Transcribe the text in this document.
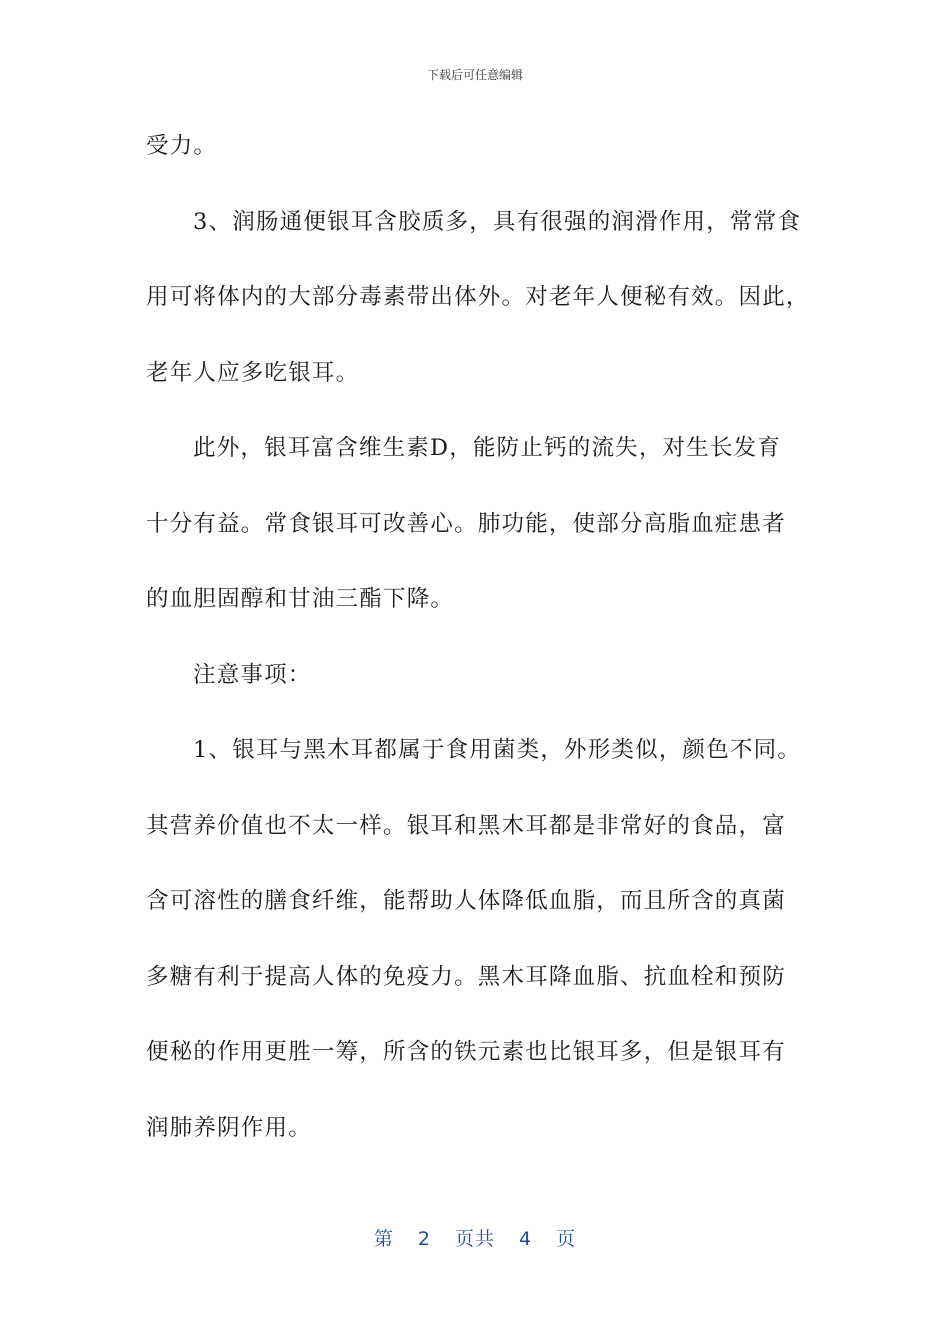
下载后可任意编辑
受力。
3、润肠通便银耳含胶质多，具有很强的润滑作用，常常食
用可将体内的大部分毒素带出体外。对老年人便秘有效。因此，
老年人应多吃银耳。
此外，银耳富含维生素D，能防止钙的流失，对生长发育
十分有益。常食银耳可改善心。肺功能，使部分高脂血症患者
的血胆固醇和甘油三酯下降。
注意事项：
1、银耳与黑木耳都属于食用菌类，外形类似，颜色不同。
其营养价值也不太一样。银耳和黑木耳都是非常好的食品，富
含可溶性的膳食纤维，能帮助人体降低血脂，而且所含的真菌
多糖有利于提高人体的免疫力。黑木耳降血脂、抗血栓和预防
便秘的作用更胜一筹，所含的铁元素也比银耳多，但是银耳有
润肺养阴作用。
第 2 页共 4 页
